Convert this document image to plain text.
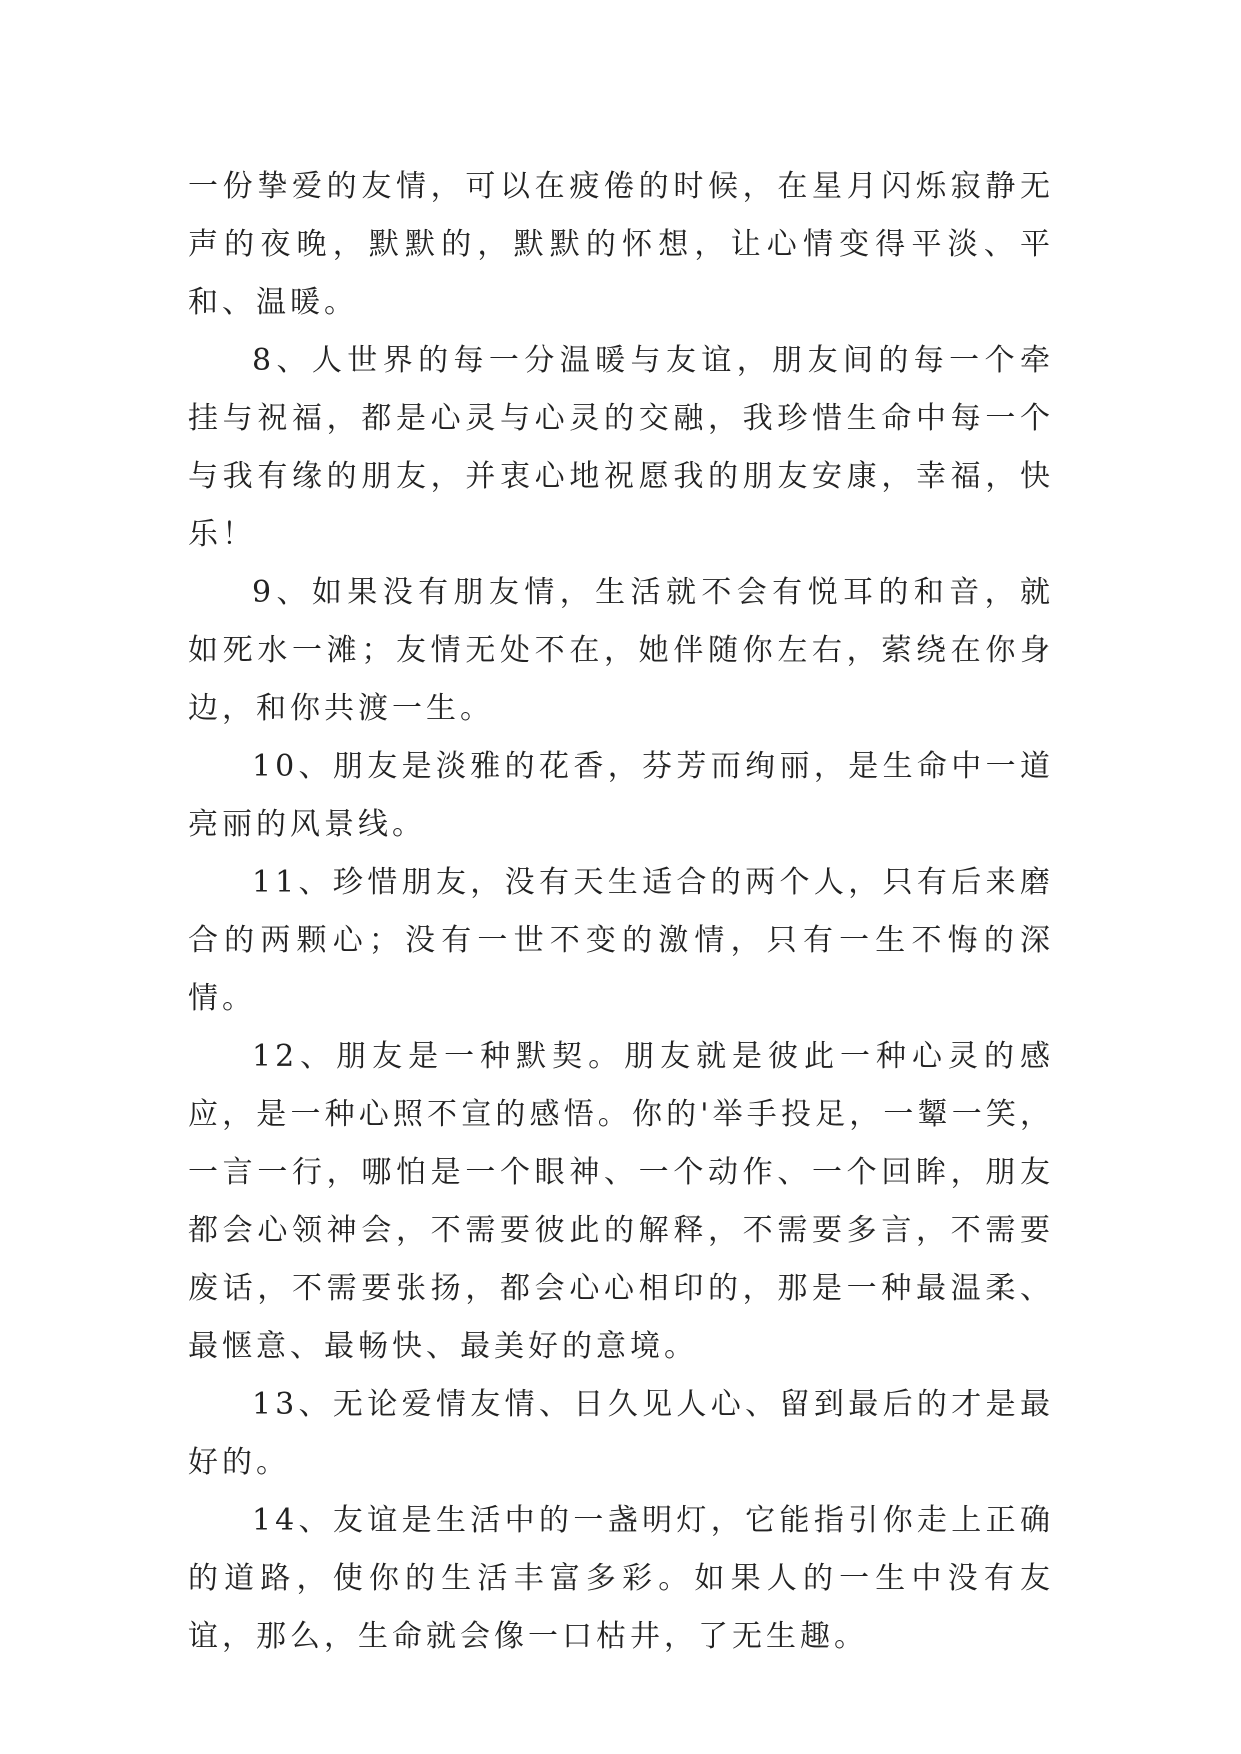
一份挚爱的友情，可以在疲倦的时候，在星月闪烁寂静无声的夜晚，默默的，默默的怀想，让心情变得平淡、平和、温暖。

8、人世界的每一分温暖与友谊，朋友间的每一个牵挂与祝福，都是心灵与心灵的交融，我珍惜生命中每一个与我有缘的朋友，并衷心地祝愿我的朋友安康，幸福，快乐！

9、如果没有朋友情，生活就不会有悦耳的和音，就如死水一滩；友情无处不在，她伴随你左右，萦绕在你身边，和你共渡一生。

10、朋友是淡雅的花香，芬芳而绚丽，是生命中一道亮丽的风景线。

11、珍惜朋友，没有天生适合的两个人，只有后来磨合的两颗心；没有一世不变的激情，只有一生不悔的深情。

12、朋友是一种默契。朋友就是彼此一种心灵的感应，是一种心照不宣的感悟。你的'举手投足，一颦一笑，一言一行，哪怕是一个眼神、一个动作、一个回眸，朋友都会心领神会，不需要彼此的解释，不需要多言，不需要废话，不需要张扬，都会心心相印的，那是一种最温柔、最惬意、最畅快、最美好的意境。

13、无论爱情友情、日久见人心、留到最后的才是最好的。

14、友谊是生活中的一盏明灯，它能指引你走上正确的道路，使你的生活丰富多彩。如果人的一生中没有友谊，那么，生命就会像一口枯井，了无生趣。
